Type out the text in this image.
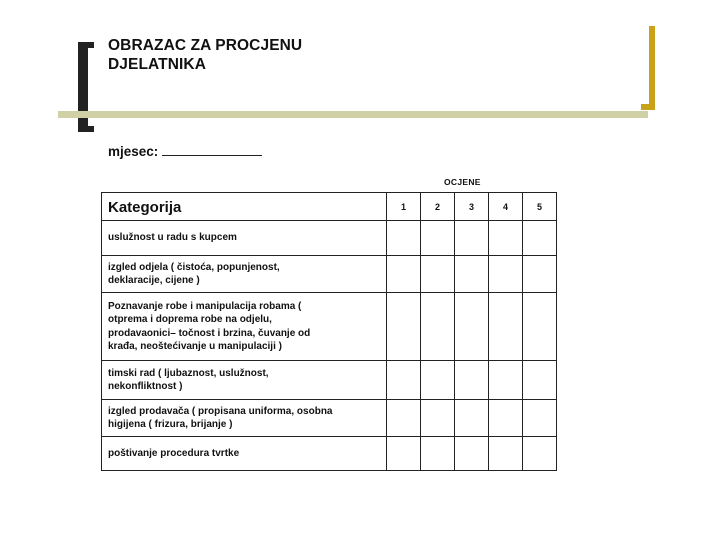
OBRAZAC ZA PROCJENU
DJELATNIKA
mjesec:
OCJENE
Kategorija	1	2	3	4	5

uslužnost u radu s kupcem					

izgled odjela ( čistoća, popunjenost,
deklaracije, cijene )					

Poznavanje robe i manipulacija robama (
otprema i doprema robe na odjelu,
prodavaonici– točnost i brzina, čuvanje od
krađa, neoštećivanje u manipulaciji )					

timski rad ( ljubaznost, uslužnost,
nekonfliktnost )					

izgled prodavača ( propisana uniforma, osobna
higijena ( frizura, brijanje )					

poštivanje procedura tvrtke					
